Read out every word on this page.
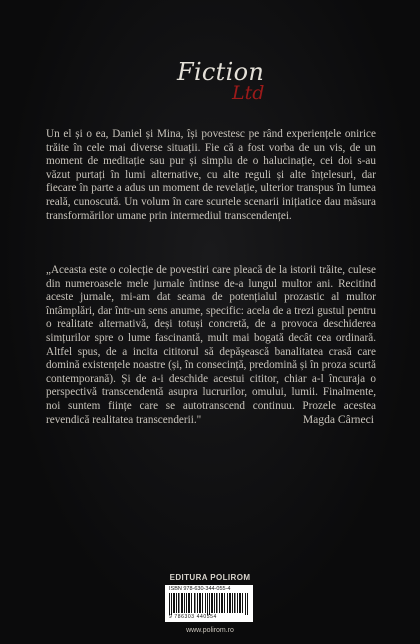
Fiction
Ltd

Un el și o ea, Daniel și Mina, își povestesc pe rând experiențele onirice trăite în cele mai diverse situații. Fie că a fost vorba de un vis, de un moment de meditație sau pur și simplu de o halucinație, cei doi s-au văzut purtați în lumi alternative, cu alte reguli și alte înțelesuri, dar fiecare în parte a adus un moment de revelație, ulterior transpus în lumea reală, cunoscută. Un volum în care scurtele scenarii inițiatice dau măsura transformărilor umane prin intermediul transcendenței.

„Aceasta este o colecție de povestiri care pleacă de la istorii trăite, culese din numeroasele mele jurnale întinse de-a lungul multor ani. Recitind aceste jurnale, mi-am dat seama de potențialul prozastic al multor întâmplări, dar într-un sens anume, specific: acela de a trezi gustul pentru o realitate alternativă, deși totuși concretă, de a provoca deschiderea simțurilor spre o lume fascinantă, mult mai bogată decât cea ordinară. Altfel spus, de a incita cititorul să depășească banalitatea crasă care domină existențele noastre (și, în consecință, predomină și în proza scurtă contemporană). Și de a-i deschide acestui cititor, chiar a-l încuraja o perspectivă transcendentă asupra lucrurilor, omului, lumii. Finalmente, noi suntem ființe care se autotranscend continuu. Prozele acestea revendică realitatea transcenderii."	Magda Cârneci
EDITURA POLIROM
ISBN 978-630-344-055-4
9 786303 440554
www.polirom.ro
